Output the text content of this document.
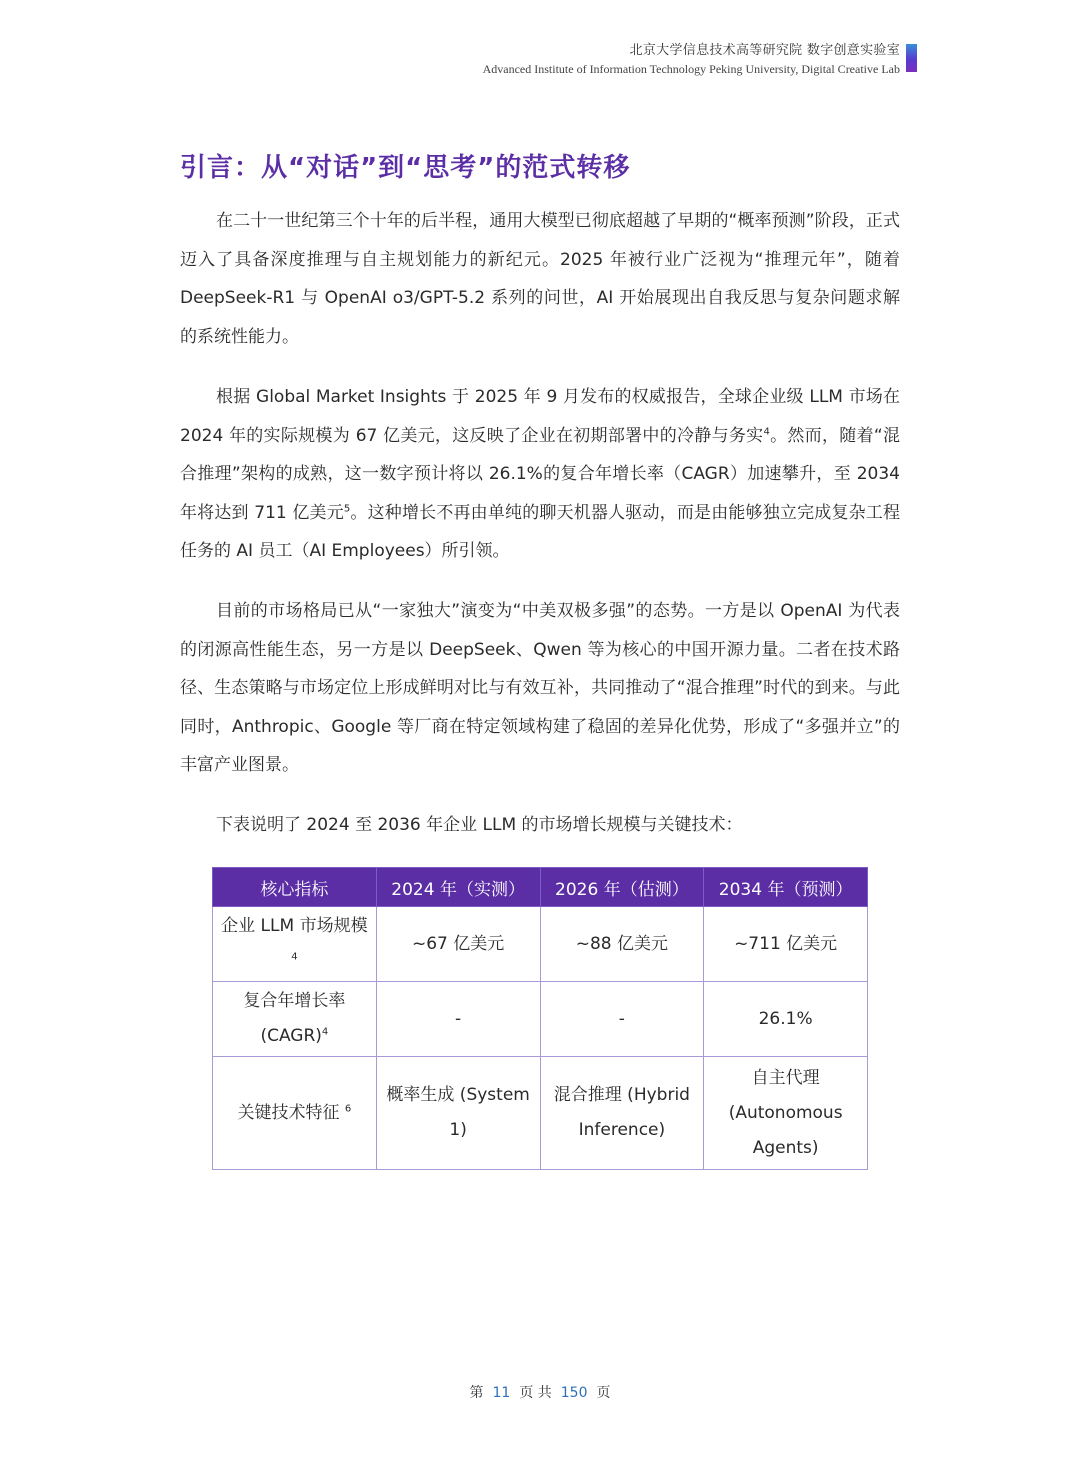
北京大学信息技术高等研究院 数字创意实验室
Advanced Institute of Information Technology Peking University, Digital Creative Lab
引言：从“对话”到“思考”的范式转移

在二十一世纪第三个十年的后半程，通用大模型已彻底超越了早期的“概率预测”阶段，正式迈入了具备深度推理与自主规划能力的新纪元。2025 年被行业广泛视为“推理元年”，随着 DeepSeek-R1 与 OpenAI o3/GPT-5.2 系列的问世，AI 开始展现出自我反思与复杂问题求解的系统性能力。

根据 Global Market Insights 于 2025 年 9 月发布的权威报告，全球企业级 LLM 市场在 2024 年的实际规模为 67 亿美元，这反映了企业在初期部署中的冷静与务实$^4$。然而，随着“混合推理”架构的成熟，这一数字预计将以 26.1%的复合年增长率（CAGR）加速攀升，至 2034 年将达到 711 亿美元$^5$。这种增长不再由单纯的聊天机器人驱动，而是由能够独立完成复杂工程任务的 AI 员工（AI Employees）所引领。

目前的市场格局已从“一家独大”演变为“中美双极多强”的态势。一方是以 OpenAI 为代表的闭源高性能生态，另一方是以 DeepSeek、Qwen 等为核心的中国开源力量。二者在技术路径、生态策略与市场定位上形成鲜明对比与有效互补，共同推动了“混合推理”时代的到来。与此同时，Anthropic、Google 等厂商在特定领域构建了稳固的差异化优势，形成了“多强并立”的丰富产业图景。

下表说明了 2024 至 2036 年企业 LLM 的市场增长规模与关键技术：

核心指标	2024 年（实测）	2026 年（估测）	2034 年（预测）
企业 LLM 市场规模 $^4$	~67 亿美元	~88 亿美元	~711 亿美元
复合年增长率 (CAGR)$^4$	-	-	26.1%
关键技术特征 $^6$	概率生成 (System 1)	混合推理 (Hybrid Inference)	自主代理 (Autonomous Agents)
第 11 页 共 150 页
